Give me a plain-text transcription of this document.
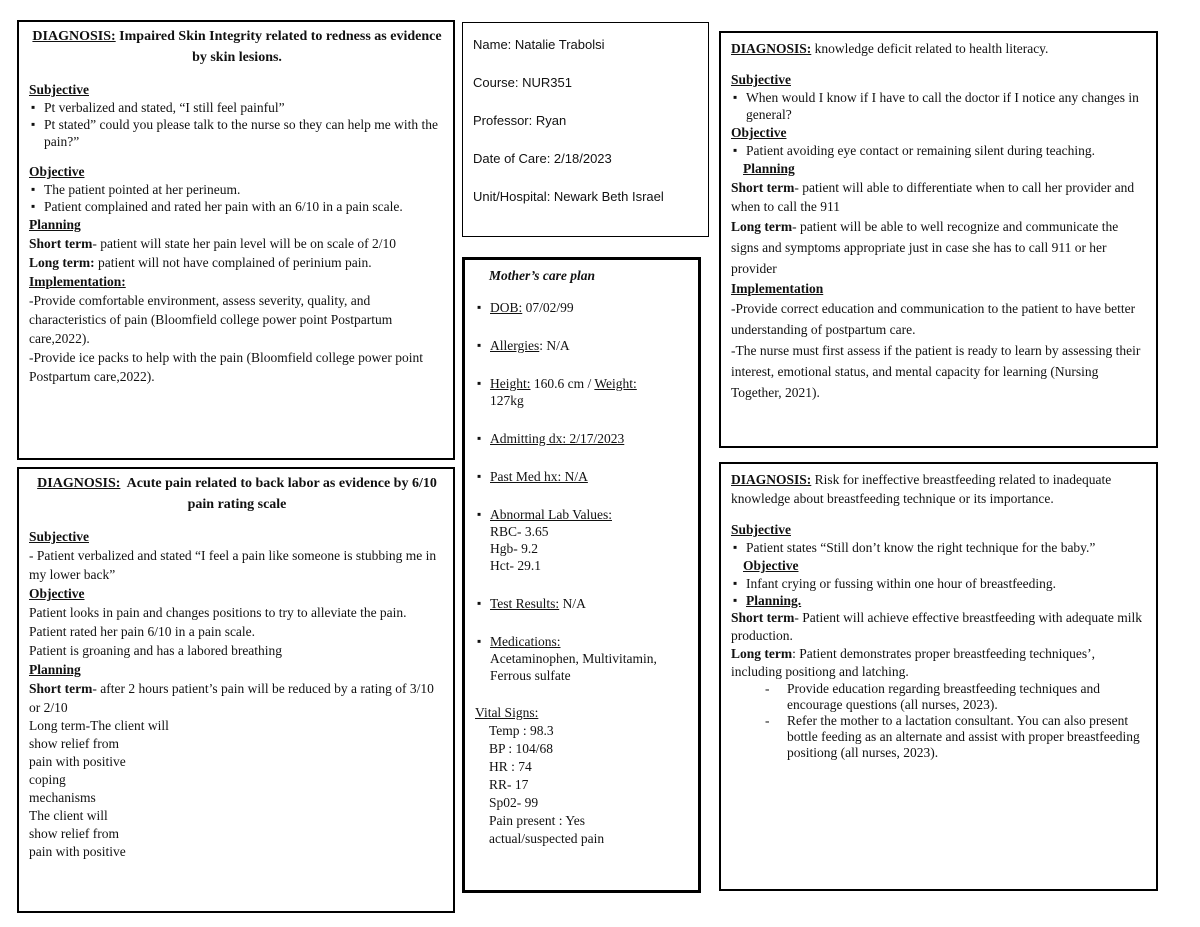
DIAGNOSIS: Impaired Skin Integrity related to redness as evidence by skin lesions.

Subjective

▪ Pt verbalized and stated, “I still feel painful”
▪ Pt stated” could you please talk to the nurse so they can help me with the pain?”

Objective

▪ The patient pointed at her perineum.
▪ Patient complained and rated her pain with an 6/10 in a pain scale.

Planning

Short term- patient will state her pain level will be on scale of 2/10

Long term: patient will not have complained of perinium pain.

Implementation:

-Provide comfortable environment, assess severity, quality, and characteristics of pain (Bloomfield college power point Postpartum care,2022).

-Provide ice packs to help with the pain (Bloomfield college power point Postpartum care,2022).

DIAGNOSIS: Acute pain related to back labor as evidence by 6/10 pain rating scale

Subjective

- Patient verbalized and stated “I feel a pain like someone is stubbing me in my lower back”

Objective

Patient looks in pain and changes positions to try to alleviate the pain.

Patient rated her pain 6/10 in a pain scale.

Patient is groaning and has a labored breathing

Planning

Short term- after 2 hours patient’s pain will be reduced by a rating of 3/10 or 2/10

Long term-The client will
show relief from
pain with positive
coping
mechanisms
The client will
show relief from
pain with positive
Name: Natalie Trabolsi
Course: NUR351
Professor: Ryan
Date of Care: 2/18/2023
Unit/Hospital: Newark Beth Israel

Mother’s care plan

▪ DOB: 07/02/99
▪ Allergies: N/A
▪ Height: 160.6 cm / Weight:
127kg
▪ Admitting dx: 2/17/2023
▪ Past Med hx: N/A
▪ Abnormal Lab Values:
RBC- 3.65
Hgb- 9.2
Hct- 29.1
▪ Test Results: N/A
▪ Medications:
Acetaminophen, Multivitamin, Ferrous sulfate
Vital Signs:
Temp : 98.3
BP : 104/68
HR : 74
RR- 17
Sp02- 99
Pain present : Yes
actual/suspected pain

DIAGNOSIS: knowledge deficit related to health literacy.

Subjective

▪ When would I know if I have to call the doctor if I notice any changes in general?

Objective

▪ Patient avoiding eye contact or remaining silent during teaching.

Planning

Short term- patient will able to differentiate when to call her provider and when to call the 911

Long term- patient will be able to well recognize and communicate the signs and symptoms appropriate just in case she has to call 911 or her provider

Implementation

-Provide correct education and communication to the patient to have better understanding of postpartum care.

-The nurse must first assess if the patient is ready to learn by assessing their interest, emotional status, and mental capacity for learning (Nursing Together, 2021).

DIAGNOSIS: Risk for ineffective breastfeeding related to inadequate knowledge about breastfeeding technique or its importance.

Subjective

▪ Patient states “Still don’t know the right technique for the baby.”

Objective

▪ Infant crying or fussing within one hour of breastfeeding.
▪ Planning.

Short term- Patient will achieve effective breastfeeding with adequate milk production.

Long term: Patient demonstrates proper breastfeeding techniques’, including positiong and latching.

- Provide education regarding breastfeeding techniques and encourage questions (all nurses, 2023).
- Refer the mother to a lactation consultant. You can also present bottle feeding as an alternate and assist with proper breastfeeding positiong (all nurses, 2023).
